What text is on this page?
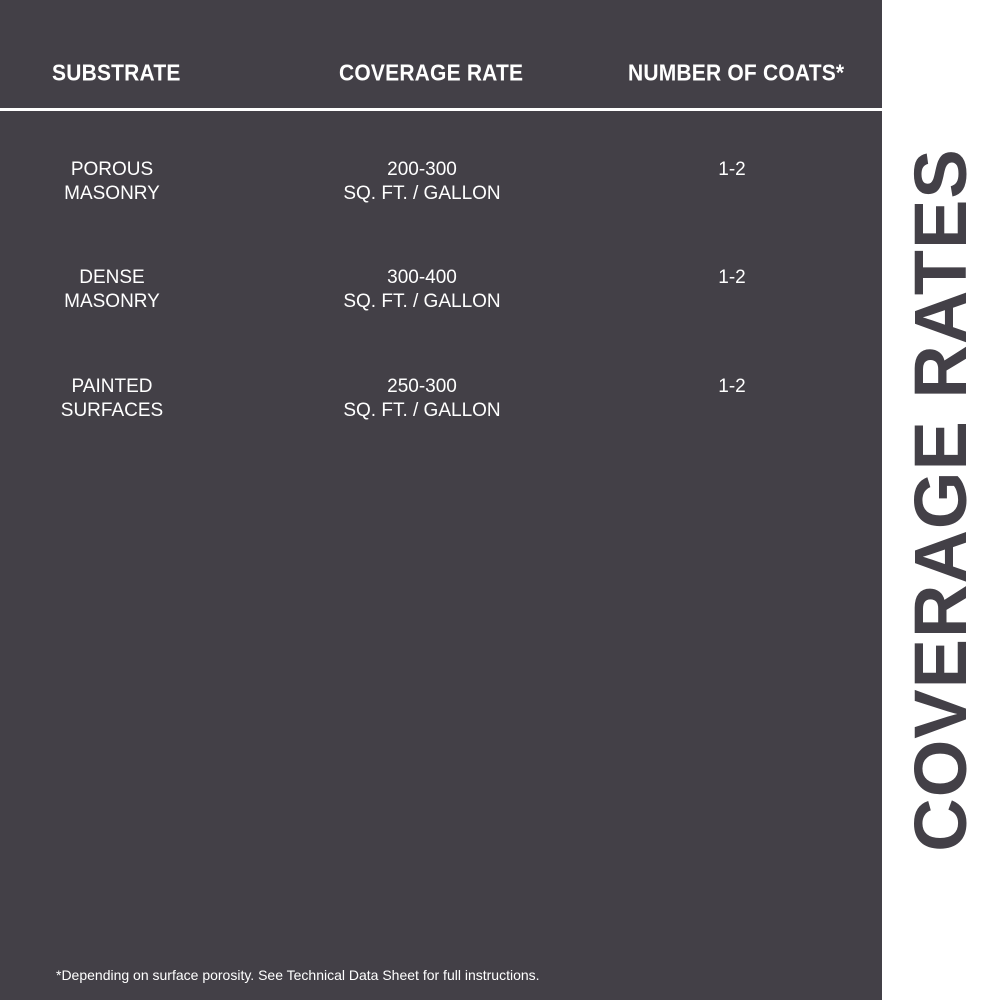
SUBSTRATE	COVERAGE RATE	NUMBER OF COATS*
POROUS
MASONRY
200-300
SQ. FT. / GALLON
1-2
DENSE
MASONRY
300-400
SQ. FT. / GALLON
1-2
PAINTED
SURFACES
250-300
SQ. FT. / GALLON
1-2
*Depending on surface porosity. See Technical Data Sheet for full instructions.
COVERAGE RATES
